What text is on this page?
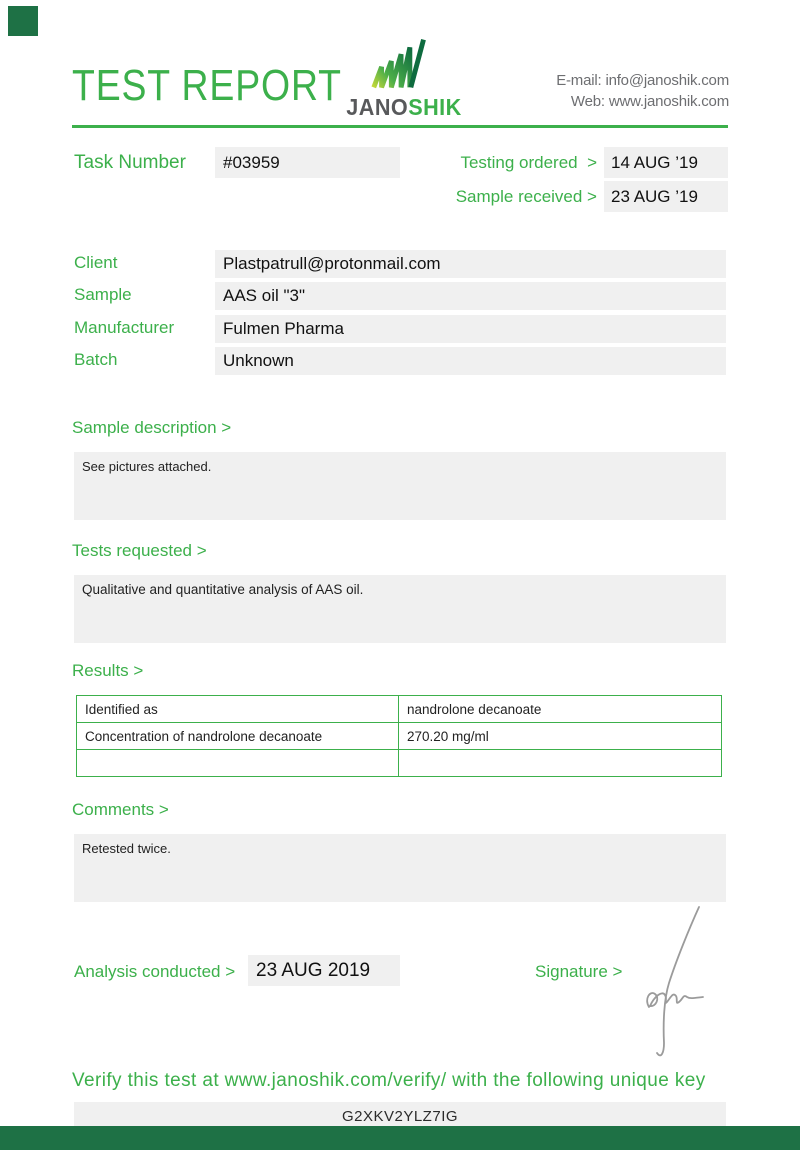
TEST REPORT JANOSHIK
E-mail: info@janoshik.com
Web: www.janoshik.com
Task Number	#03959	Testing ordered  > 14 AUG ’19
Sample received > 23 AUG ’19
Client	Plastpatrull@protonmail.com
Sample	AAS oil "3"
Manufacturer	Fulmen Pharma
Batch	Unknown
Sample description >
See pictures attached.
Tests requested >
Qualitative and quantitative analysis of AAS oil.
Results >
Identified as	nandrolone decanoate
Concentration of nandrolone decanoate	270.20 mg/ml

Comments >
Retested twice.
Analysis conducted >	23 AUG 2019	Signature >
Verify this test at www.janoshik.com/verify/ with the following unique key
G2XKV2YLZ7IG
